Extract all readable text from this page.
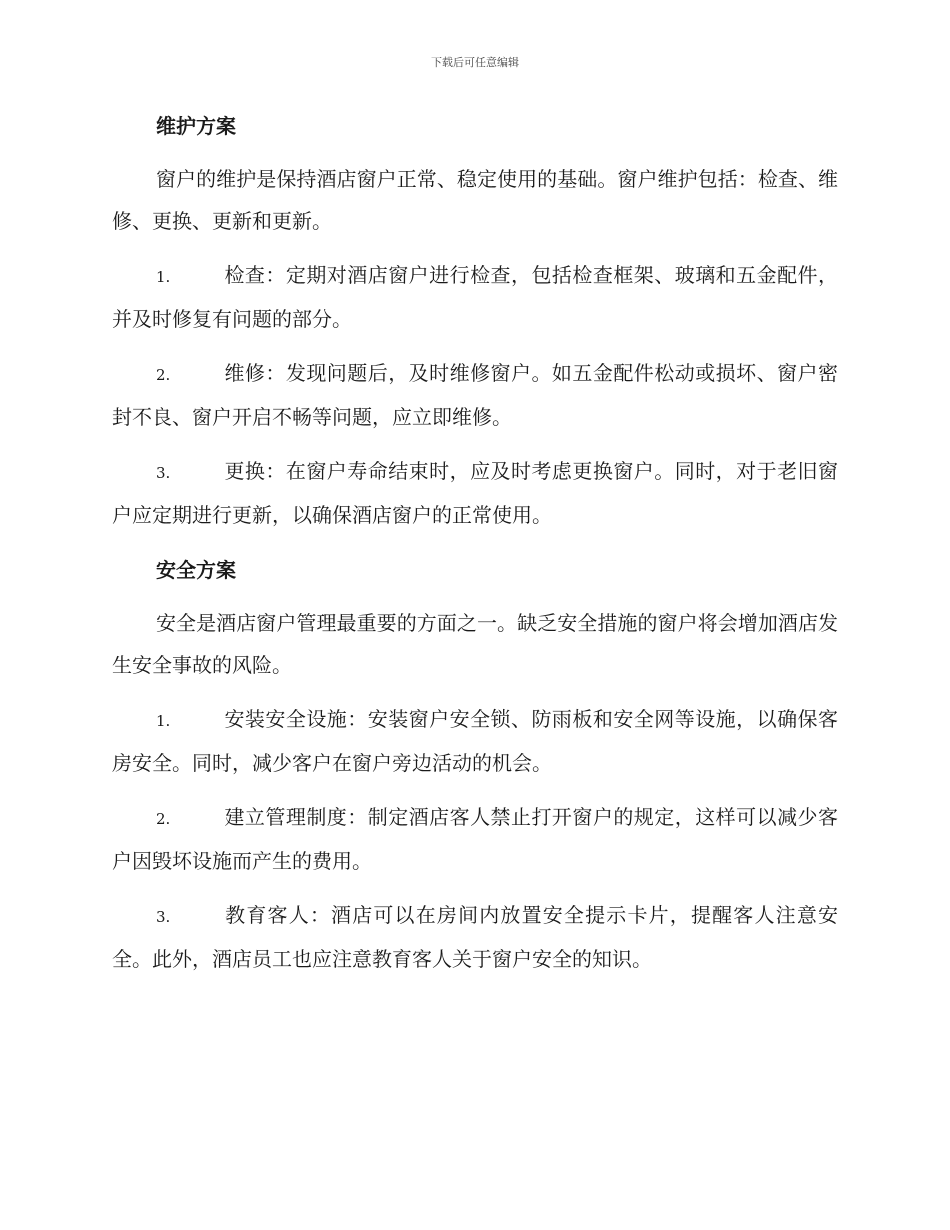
下载后可任意编辑
维护方案

窗户的维护是保持酒店窗户正常、稳定使用的基础。窗户维护包括：检查、维修、更换、更新和更新。

1.	检查：定期对酒店窗户进行检查，包括检查框架、玻璃和五金配件，并及时修复有问题的部分。

2.	维修：发现问题后，及时维修窗户。如五金配件松动或损坏、窗户密封不良、窗户开启不畅等问题，应立即维修。

3.	更换：在窗户寿命结束时，应及时考虑更换窗户。同时，对于老旧窗户应定期进行更新，以确保酒店窗户的正常使用。

安全方案

安全是酒店窗户管理最重要的方面之一。缺乏安全措施的窗户将会增加酒店发生安全事故的风险。

1.	安装安全设施：安装窗户安全锁、防雨板和安全网等设施，以确保客房安全。同时，减少客户在窗户旁边活动的机会。

2.	建立管理制度：制定酒店客人禁止打开窗户的规定，这样可以减少客户因毁坏设施而产生的费用。

3.	教育客人：酒店可以在房间内放置安全提示卡片，提醒客人注意安全。此外，酒店员工也应注意教育客人关于窗户安全的知识。
